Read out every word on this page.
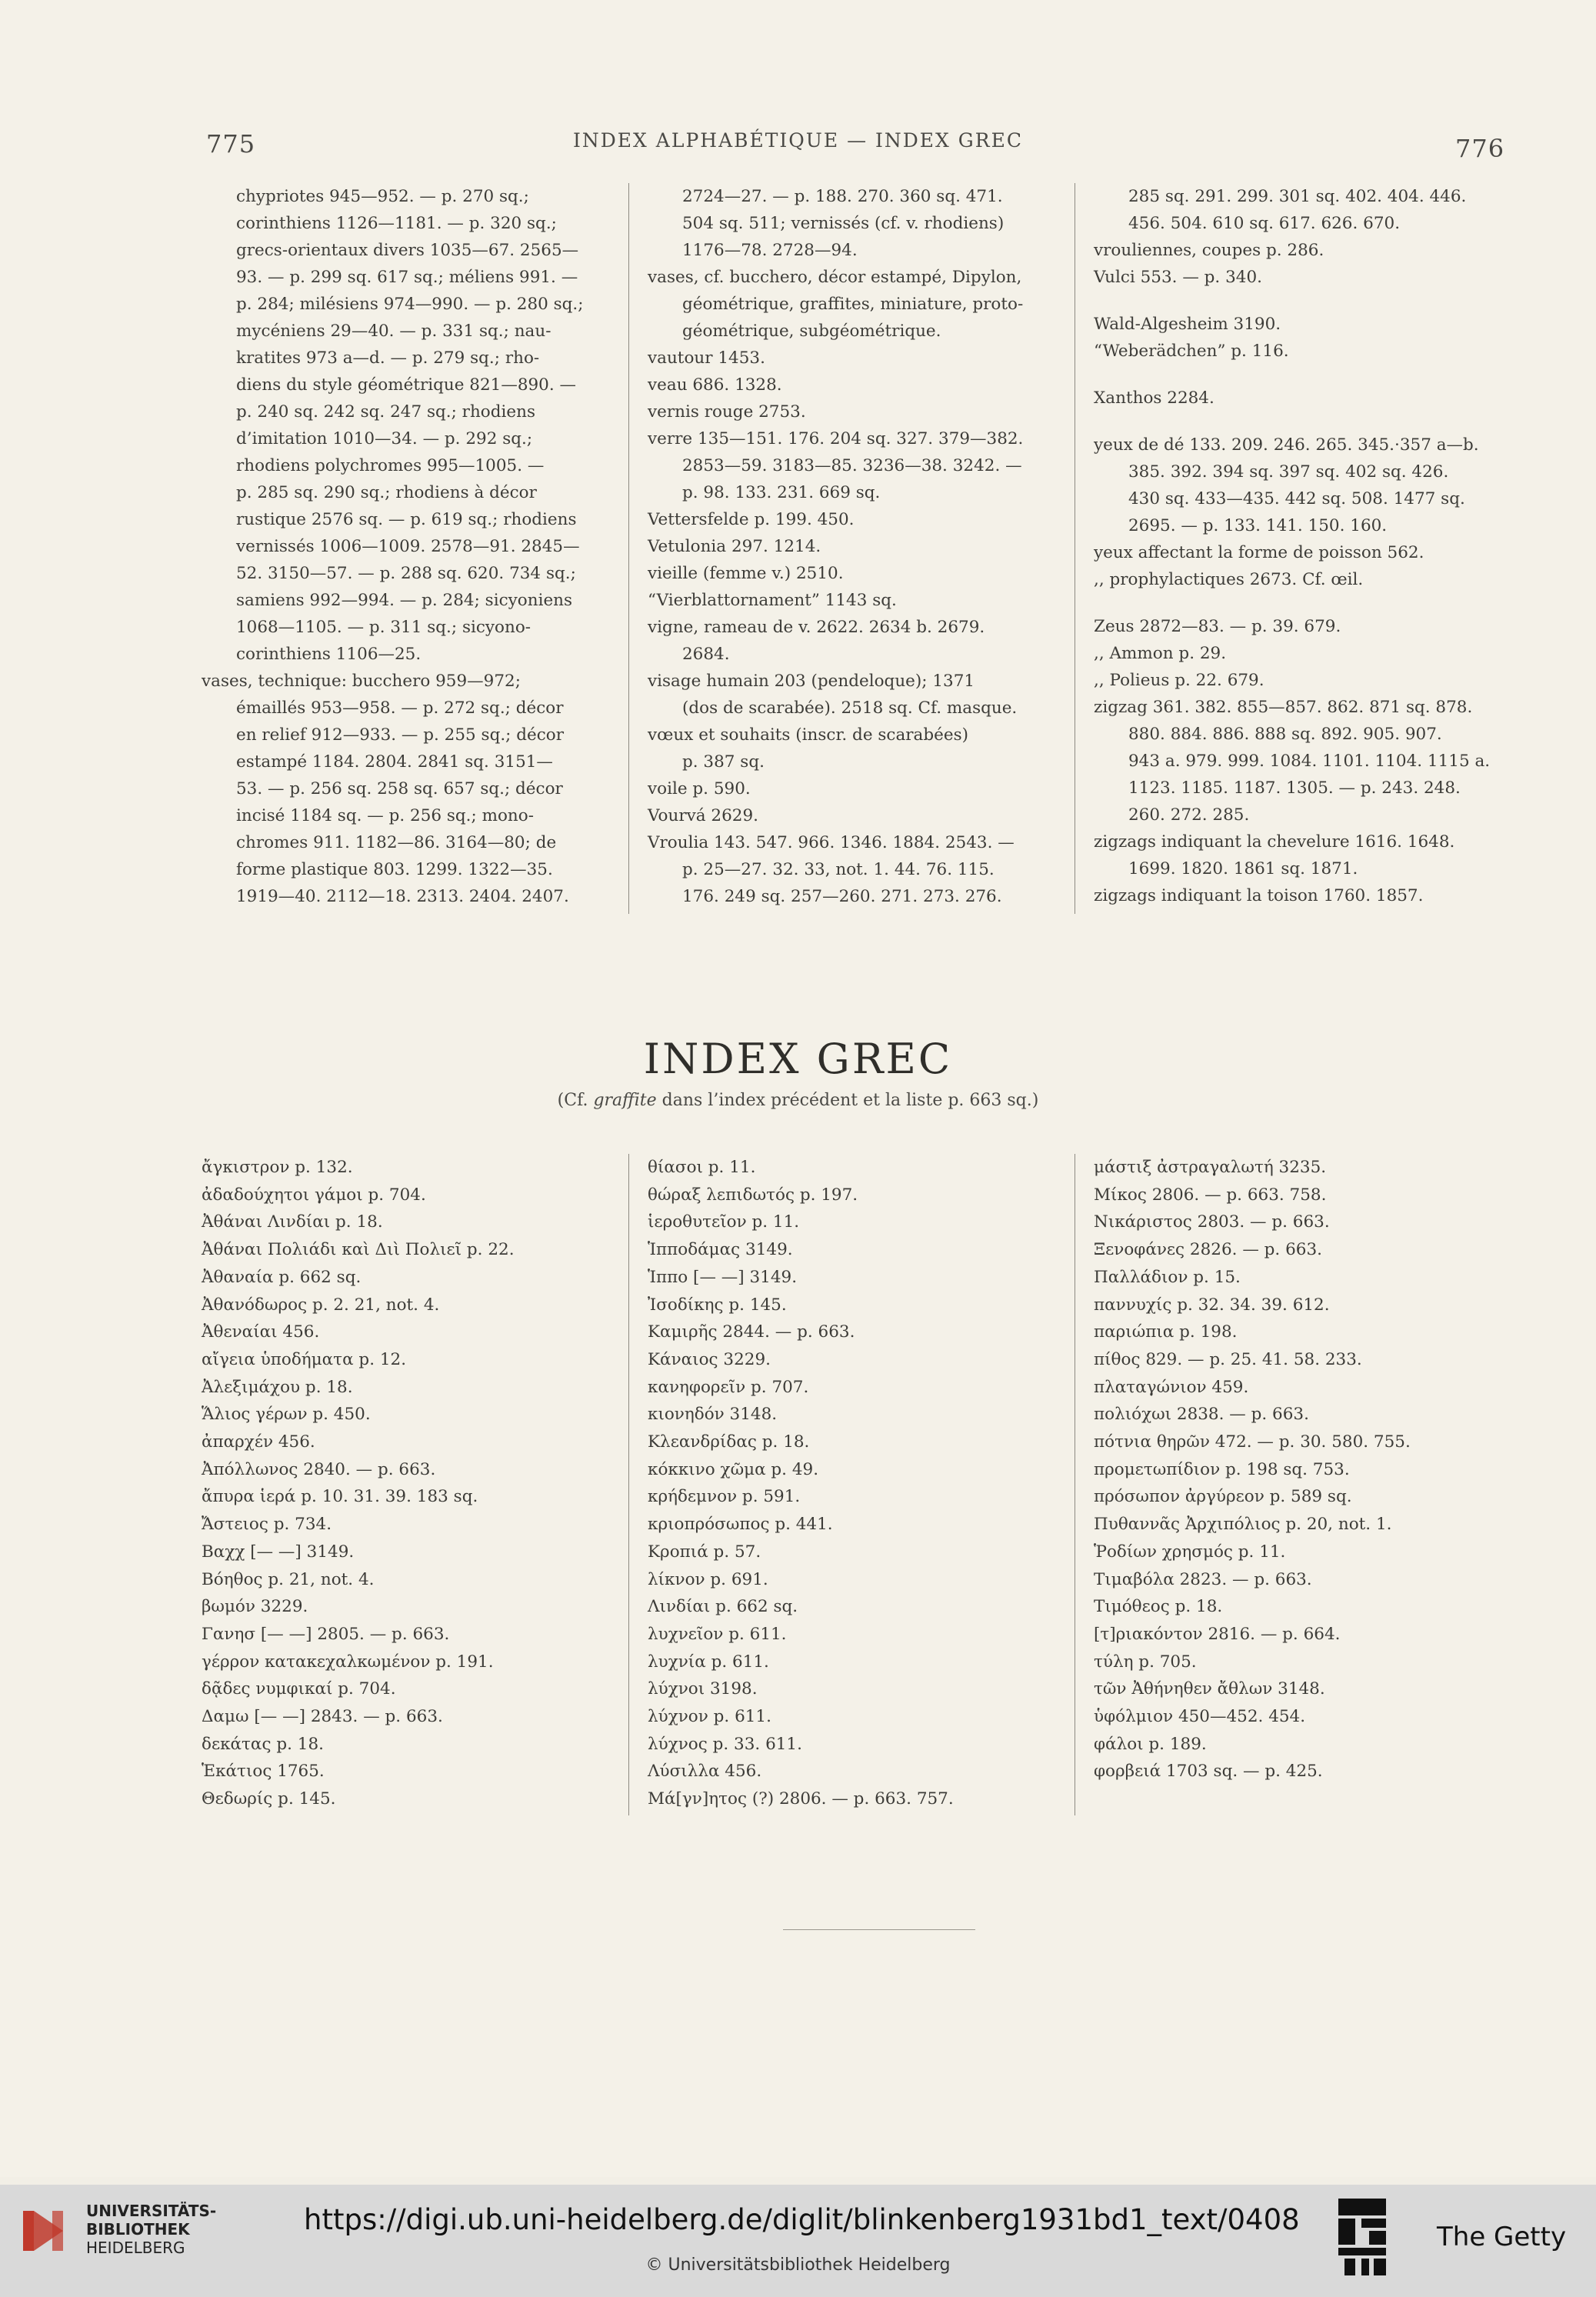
775	INDEX ALPHABÉTIQUE — INDEX GREC	776
chypriotes 945—952. — p. 270 sq.;
corinthiens 1126—1181. — p. 320 sq.;
grecs-orientaux divers 1035—67. 2565—
93. — p. 299 sq. 617 sq.; méliens 991. —
p. 284; milésiens 974—990. — p. 280 sq.;
mycéniens 29—40. — p. 331 sq.; nau-
kratites 973 a—d. — p. 279 sq.; rho-
diens du style géométrique 821—890. —
p. 240 sq. 242 sq. 247 sq.; rhodiens
d’imitation 1010—34. — p. 292 sq.;
rhodiens polychromes 995—1005. —
p. 285 sq. 290 sq.; rhodiens à décor
rustique 2576 sq. — p. 619 sq.; rhodiens
vernissés 1006—1009. 2578—91. 2845—
52. 3150—57. — p. 288 sq. 620. 734 sq.;
samiens 992—994. — p. 284; sicyoniens
1068—1105. — p. 311 sq.; sicyono-
corinthiens 1106—25.
vases, technique: bucchero 959—972;
émaillés 953—958. — p. 272 sq.; décor
en relief 912—933. — p. 255 sq.; décor
estampé 1184. 2804. 2841 sq. 3151—
53. — p. 256 sq. 258 sq. 657 sq.; décor
incisé 1184 sq. — p. 256 sq.; mono-
chromes 911. 1182—86. 3164—80; de
forme plastique 803. 1299. 1322—35.
1919—40. 2112—18. 2313. 2404. 2407.
2724—27. — p. 188. 270. 360 sq. 471.
504 sq. 511; vernissés (cf. v. rhodiens)
1176—78. 2728—94.
vases, cf. bucchero, décor estampé, Dipylon,
géométrique, graffites, miniature, proto-
géométrique, subgéométrique.
vautour 1453.
veau 686. 1328.
vernis rouge 2753.
verre 135—151. 176. 204 sq. 327. 379—382.
2853—59. 3183—85. 3236—38. 3242. —
p. 98. 133. 231. 669 sq.
Vettersfelde p. 199. 450.
Vetulonia 297. 1214.
vieille (femme v.) 2510.
“Vierblattornament” 1143 sq.
vigne, rameau de v. 2622. 2634 b. 2679.
2684.
visage humain 203 (pendeloque); 1371
(dos de scarabée). 2518 sq. Cf. masque.
vœux et souhaits (inscr. de scarabées)
p. 387 sq.
voile p. 590.
Vourvá 2629.
Vroulia 143. 547. 966. 1346. 1884. 2543. —
p. 25—27. 32. 33, not. 1. 44. 76. 115.
176. 249 sq. 257—260. 271. 273. 276.
285 sq. 291. 299. 301 sq. 402. 404. 446.
456. 504. 610 sq. 617. 626. 670.
vrouliennes, coupes p. 286.
Vulci 553. — p. 340.
Wald-Algesheim 3190.
“Weberädchen” p. 116.
Xanthos 2284.
yeux de dé 133. 209. 246. 265. 345.·357 a—b.
385. 392. 394 sq. 397 sq. 402 sq. 426.
430 sq. 433—435. 442 sq. 508. 1477 sq.
2695. — p. 133. 141. 150. 160.
yeux affectant la forme de poisson 562.
,, prophylactiques 2673. Cf. œil.
Zeus 2872—83. — p. 39. 679.
,, Ammon p. 29.
,, Polieus p. 22. 679.
zigzag 361. 382. 855—857. 862. 871 sq. 878.
880. 884. 886. 888 sq. 892. 905. 907.
943 a. 979. 999. 1084. 1101. 1104. 1115 a.
1123. 1185. 1187. 1305. — p. 243. 248.
260. 272. 285.
zigzags indiquant la chevelure 1616. 1648.
1699. 1820. 1861 sq. 1871.
zigzags indiquant la toison 1760. 1857.
INDEX GREC
(Cf. graffite dans l’index précédent et la liste p. 663 sq.)
ἄγκιστρον p. 132.
ἀδαδούχητοι γάμοι p. 704.
Ἀθάναι Λινδίαι p. 18.
Ἀθάναι Πολιάδι καὶ Διὶ Πολιεῖ p. 22.
Ἀθαναία p. 662 sq.
Ἀθανόδωρος p. 2. 21, not. 4.
Ἀθεναίαι 456.
αἴγεια ὑποδήματα p. 12.
Ἀλεξιμάχου p. 18.
Ἅλιος γέρων p. 450.
ἀπαρχέν 456.
Ἀπόλλωνος 2840. — p. 663.
ἄπυρα ἱερά p. 10. 31. 39. 183 sq.
Ἄστειος p. 734.
Βαχχ [— —] 3149.
Βόηθος p. 21, not. 4.
βωμόν 3229.
Γανησ [— —] 2805. — p. 663.
γέρρον κατακεχαλκωμένον p. 191.
δᾷδες νυμφικαί p. 704.
Δαμω [— —] 2843. — p. 663.
δεκάτας p. 18.
Ἑκάτιος 1765.
Θεδωρίς p. 145.
θίασοι p. 11.
θώραξ λεπιδωτός p. 197.
ἱεροθυτεῖον p. 11.
Ἱπποδάμας 3149.
Ἱππο [— —] 3149.
Ἰσοδίκης p. 145.
Καμιρῆς 2844. — p. 663.
Κάναιος 3229.
κανηφορεῖν p. 707.
κιονηδόν 3148.
Κλεανδρίδας p. 18.
κόκκινο χῶμα p. 49.
κρήδεμνον p. 591.
κριοπρόσωπος p. 441.
Κροπιά p. 57.
λίκνον p. 691.
Λινδίαι p. 662 sq.
λυχνεῖον p. 611.
λυχνία p. 611.
λύχνοι 3198.
λύχνον p. 611.
λύχνος p. 33. 611.
Λύσιλλα 456.
Μά[γν]ητος (?) 2806. — p. 663. 757.
μάστιξ ἀστραγαλωτή 3235.
Μίκος 2806. — p. 663. 758.
Νικάριστος 2803. — p. 663.
Ξενοφάνες 2826. — p. 663.
Παλλάδιον p. 15.
παννυχίς p. 32. 34. 39. 612.
παριώπια p. 198.
πίθος 829. — p. 25. 41. 58. 233.
πλαταγώνιον 459.
πολιόχωι 2838. — p. 663.
πότνια θηρῶν 472. — p. 30. 580. 755.
προμετωπίδιον p. 198 sq. 753.
πρόσωπον ἀργύρεον p. 589 sq.
Πυθαννᾶς Ἀρχιπόλιος p. 20, not. 1.
Ῥοδίων χρησμός p. 11.
Τιμαβόλα 2823. — p. 663.
Τιμόθεος p. 18.
[τ]ριακόντον 2816. — p. 664.
τύλη p. 705.
τῶν Ἀθήνηθεν ἄθλων 3148.
ὑφόλμιον 450—452. 454.
φάλοι p. 189.
φορβειά 1703 sq. — p. 425.
UNIVERSITÄTS-
BIBLIOTHEK
HEIDELBERG
https://digi.ub.uni-heidelberg.de/diglit/blinkenberg1931bd1_text/0408
© Universitätsbibliothek Heidelberg
The Getty
